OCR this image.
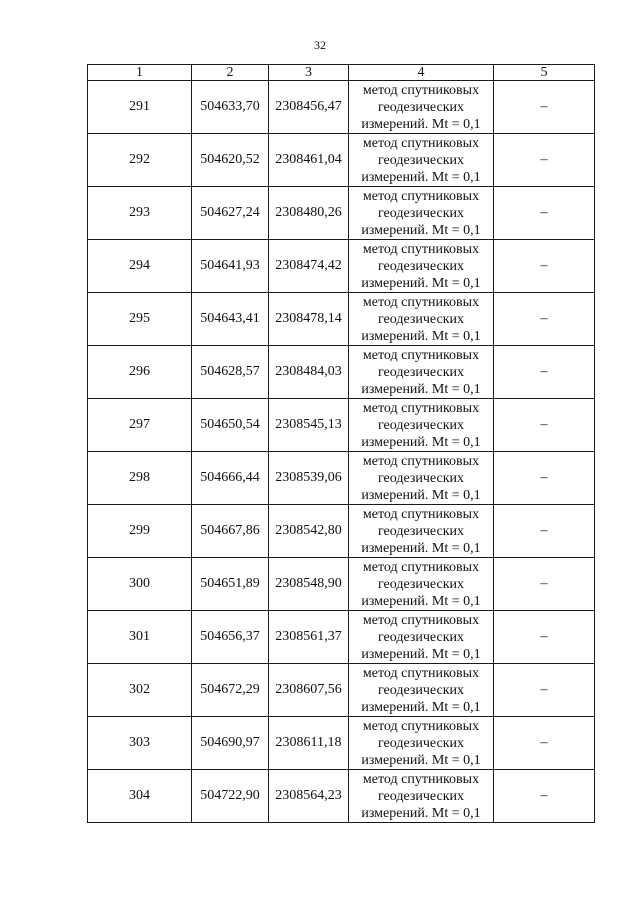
32
1	2	3	4	5
291	504633,70	2308456,47	метод спутниковых
геодезических
измерений. Mt = 0,1	–
292	504620,52	2308461,04	метод спутниковых
геодезических
измерений. Mt = 0,1	–
293	504627,24	2308480,26	метод спутниковых
геодезических
измерений. Mt = 0,1	–
294	504641,93	2308474,42	метод спутниковых
геодезических
измерений. Mt = 0,1	–
295	504643,41	2308478,14	метод спутниковых
геодезических
измерений. Mt = 0,1	–
296	504628,57	2308484,03	метод спутниковых
геодезических
измерений. Mt = 0,1	–
297	504650,54	2308545,13	метод спутниковых
геодезических
измерений. Mt = 0,1	–
298	504666,44	2308539,06	метод спутниковых
геодезических
измерений. Mt = 0,1	–
299	504667,86	2308542,80	метод спутниковых
геодезических
измерений. Mt = 0,1	–
300	504651,89	2308548,90	метод спутниковых
геодезических
измерений. Mt = 0,1	–
301	504656,37	2308561,37	метод спутниковых
геодезических
измерений. Mt = 0,1	–
302	504672,29	2308607,56	метод спутниковых
геодезических
измерений. Mt = 0,1	–
303	504690,97	2308611,18	метод спутниковых
геодезических
измерений. Mt = 0,1	–
304	504722,90	2308564,23	метод спутниковых
геодезических
измерений. Mt = 0,1	–
